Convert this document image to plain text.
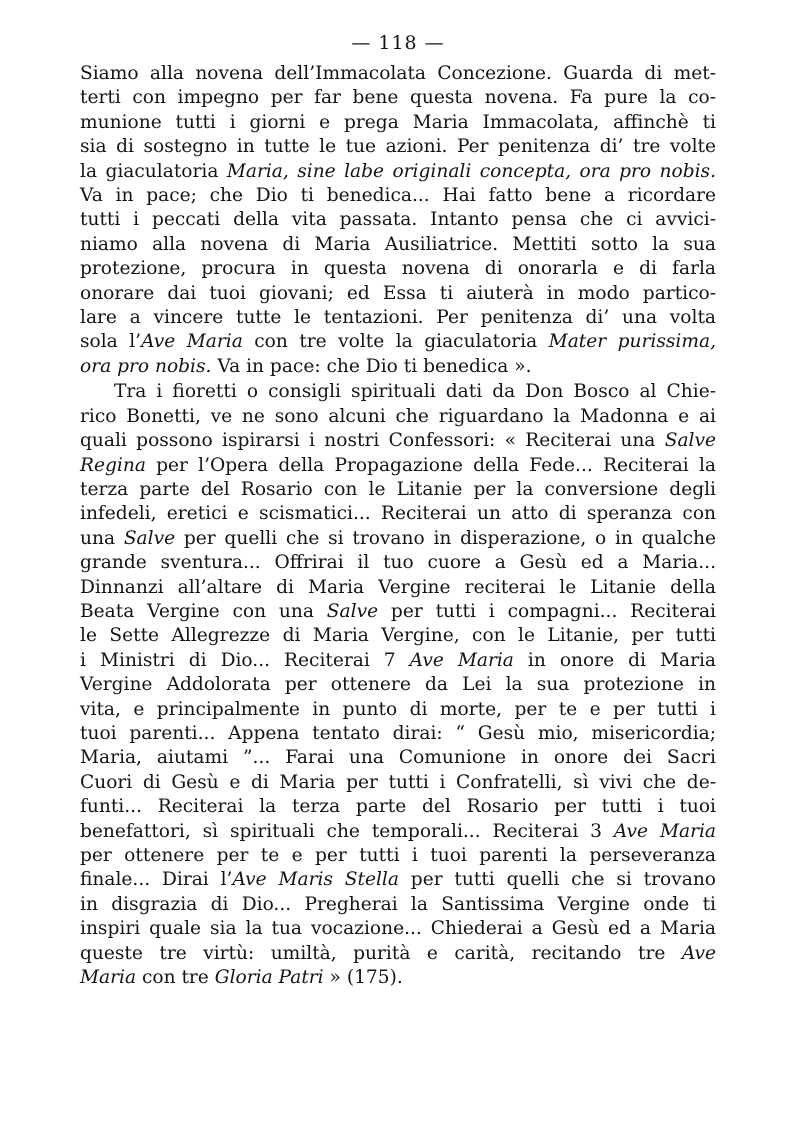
— 118 —
Siamo alla novena dell’Immacolata Concezione. Guarda di met-
terti con impegno per far bene questa novena. Fa pure la co-
munione tutti i giorni e prega Maria Immacolata, affinchè ti
sia di sostegno in tutte le tue azioni. Per penitenza di’ tre volte
la giaculatoria Maria, sine labe originali concepta, ora pro nobis.
Va in pace; che Dio ti benedica... Hai fatto bene a ricordare
tutti i peccati della vita passata. Intanto pensa che ci avvici-
niamo alla novena di Maria Ausiliatrice. Mettiti sotto la sua
protezione, procura in questa novena di onorarla e di farla
onorare dai tuoi giovani; ed Essa ti aiuterà in modo partico-
lare a vincere tutte le tentazioni. Per penitenza di’ una volta
sola l’Ave Maria con tre volte la giaculatoria Mater purissima,
ora pro nobis. Va in pace: che Dio ti benedica ».
Tra i fioretti o consigli spirituali dati da Don Bosco al Chie-
rico Bonetti, ve ne sono alcuni che riguardano la Madonna e ai
quali possono ispirarsi i nostri Confessori: « Reciterai una Salve
Regina per l’Opera della Propagazione della Fede... Reciterai la
terza parte del Rosario con le Litanie per la conversione degli
infedeli, eretici e scismatici... Reciterai un atto di speranza con
una Salve per quelli che si trovano in disperazione, o in qualche
grande sventura... Offrirai il tuo cuore a Gesù ed a Maria...
Dinnanzi all’altare di Maria Vergine reciterai le Litanie della
Beata Vergine con una Salve per tutti i compagni... Reciterai
le Sette Allegrezze di Maria Vergine, con le Litanie, per tutti
i Ministri di Dio... Reciterai 7 Ave Maria in onore di Maria
Vergine Addolorata per ottenere da Lei la sua protezione in
vita, e principalmente in punto di morte, per te e per tutti i
tuoi parenti... Appena tentato dirai: “ Gesù mio, misericordia;
Maria, aiutami ”... Farai una Comunione in onore dei Sacri
Cuori di Gesù e di Maria per tutti i Confratelli, sì vivi che de-
funti... Reciterai la terza parte del Rosario per tutti i tuoi
benefattori, sì spirituali che temporali... Reciterai 3 Ave Maria
per ottenere per te e per tutti i tuoi parenti la perseveranza
finale... Dirai l’Ave Maris Stella per tutti quelli che si trovano
in disgrazia di Dio... Pregherai la Santissima Vergine onde ti
inspiri quale sia la tua vocazione... Chiederai a Gesù ed a Maria
queste tre virtù: umiltà, purità e carità, recitando tre Ave
Maria con tre Gloria Patri » (175).
